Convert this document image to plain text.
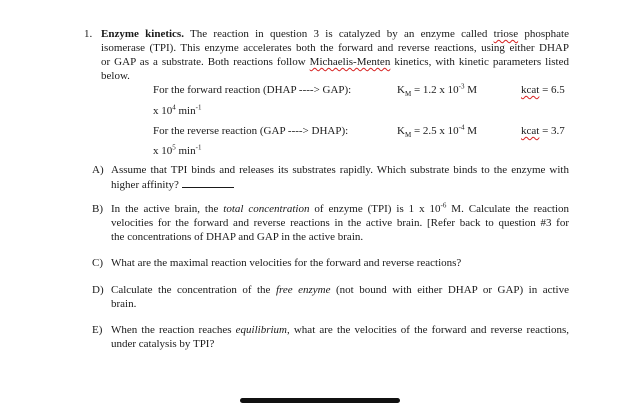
1. Enzyme kinetics. The reaction in question 3 is catalyzed by an enzyme called triose phosphate
isomerase (TPI). This enzyme accelerates both the forward and reverse reactions, using either DHAP
or GAP as a substrate. Both reactions follow Michaelis-Menten kinetics, with kinetic parameters listed
below.
For the forward reaction (DHAP ----> GAP):	$K_M = 1.2$ x $10^{-3}$ M	kcat = 6.5
x $10^4$ $\min^{-1}$
For the reverse reaction (GAP ----> DHAP):	$K_M = 2.5$ x $10^{-4}$ M	kcat = 3.7
x $10^5$ $\min^{-1}$
A) Assume that TPI binds and releases its substrates rapidly. Which substrate binds to the enzyme with
higher affinity?
B) In the active brain, the total concentration of enzyme (TPI) is 1 x $10^{-6}$ M. Calculate the reaction
velocities for the forward and reverse reactions in the active brain. [Refer back to question #3 for
the concentrations of DHAP and GAP in the active brain.
C) What are the maximal reaction velocities for the forward and reverse reactions?
D) Calculate the concentration of the free enzyme (not bound with either DHAP or GAP) in active
brain.
E) When the reaction reaches equilibrium, what are the velocities of the forward and reverse reactions,
under catalysis by TPI?
